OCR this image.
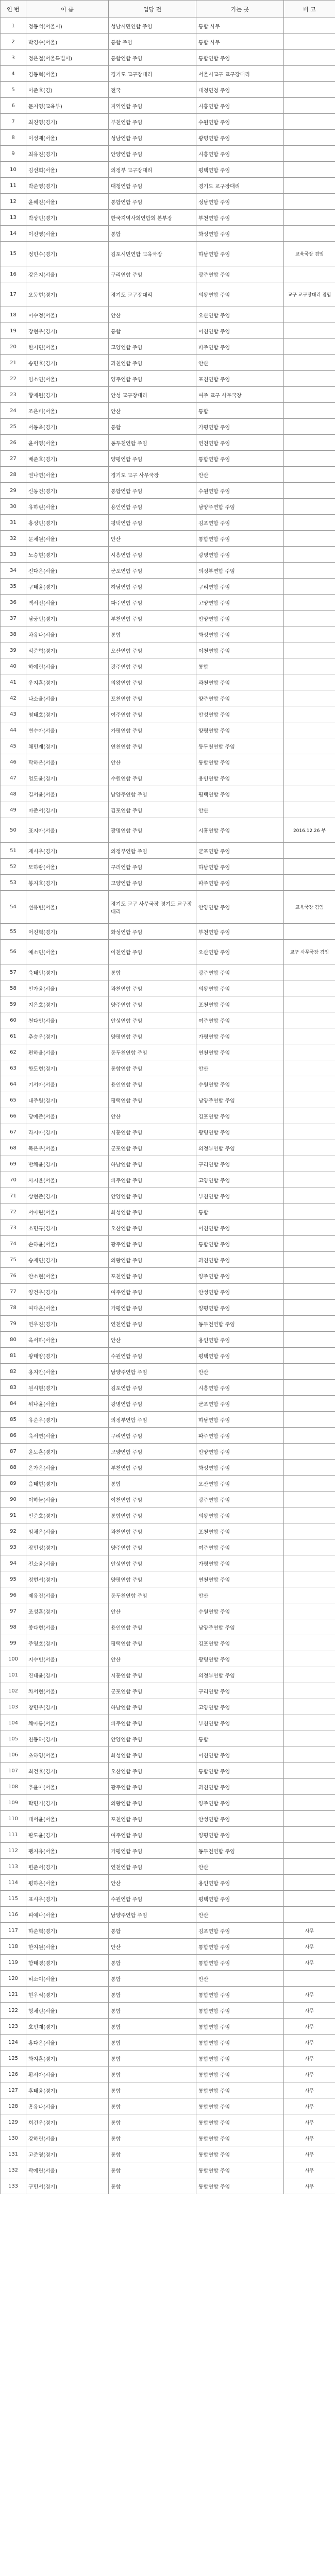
연 번	이 름	입당 전	가는 곳	비 고
1	정동석(서울시)	성남시민연합 주임	통합 사무	
2	박경수(서울)	통합 주임	통합 사무	
3	정은철(서울특별시)	통합연합 주임	통합연합 주임	
4	김동혁(서울)	경기도 교구장대리	서울시교구 교구장대리	
5	이준호(경)	전국	대청면청 주임	
6	문지영(교육부)	지역연합 주임	시흥연합 주임	
7	최진영(경기)	부천연합 주임	수원연합 주임	
8	이성재(서울)	성남연합 주임	광명연합 주임	
9	최유진(경기)	안양연합 주임	시흥연합 주임	
10	김선희(서울)	의정부 교구장대리	평택연합 주임	
11	박준영(경기)	대청연합 주임	경기도 교구장대리	
12	윤혜진(서울)	통합연합 주임	성남연합 주임	
13	박상민(경기)	한국지역사회연합회 본부장	부천연합 주임	
14	이진영(서울)	통합	화성연합 주임	
15	정민수(경기)	김포시민연합 교육국장	하남연합 주임	교육국장 겸임
16	강은지(서울)	구리연합 주임	광주연합 주임	
17	오동현(경기)	경기도 교구장대리	의왕연합 주임	교구 교구장대리 겸임
18	이수정(서울)	안산	오산연합 주임	
19	장현우(경기)	통합	이천연합 주임	
20	한지민(서울)	고양연합 주임	파주연합 주임	
21	송민호(경기)	과천연합 주임	안산	
22	임소연(서울)	양주연합 주임	포천연합 주임	
23	황재원(경기)	안성 교구장대리	여주 교구 사무국장	
24	조은비(서울)	안산	통합	
25	서동욱(경기)	통합	가평연합 주임	
26	윤서영(서울)	동두천연합 주임	연천연합 주임	
27	배준호(경기)	양평연합 주임	통합연합 주임	
28	권나연(서울)	경기도 교구 사무국장	안산	
29	신동건(경기)	통합연합 주임	수원연합 주임	
30	유하린(서울)	용인연합 주임	남양주연합 주임	
31	홍성민(경기)	평택연합 주임	김포연합 주임	
32	문채원(서울)	안산	통합연합 주임	
33	노승현(경기)	시흥연합 주임	광명연합 주임	
34	전다은(서울)	군포연합 주임	의정부연합 주임	
35	구태윤(경기)	하남연합 주임	구리연합 주임	
36	백서진(서울)	파주연합 주임	고양연합 주임	
37	남궁민(경기)	부천연합 주임	안양연합 주임	
38	차유나(서울)	통합	화성연합 주임	
39	석준혁(경기)	오산연합 주임	이천연합 주임	
40	하예린(서울)	광주연합 주임	통합	
41	우지훈(경기)	의왕연합 주임	과천연합 주임	
42	나소율(서울)	포천연합 주임	양주연합 주임	
43	염태호(경기)	여주연합 주임	안성연합 주임	
44	변수아(서울)	가평연합 주임	양평연합 주임	
45	채민재(경기)	연천연합 주임	동두천연합 주임	
46	탁하은(서울)	안산	통합연합 주임	
47	엄도윤(경기)	수원연합 주임	용인연합 주임	
48	길서윤(서울)	남양주연합 주임	평택연합 주임	
49	마준서(경기)	김포연합 주임	안산	
50	표지아(서울)	광명연합 주임	시흥연합 주임	2016.12.26 부
51	제시우(경기)	의정부연합 주임	군포연합 주임	
52	모하람(서울)	구리연합 주임	하남연합 주임	
53	봉지호(경기)	고양연합 주임	파주연합 주임	
54	선유빈(서울)	경기도 교구 사무국장 경기도 교구장대리	안양연합 주임	교육국장 겸임
55	어진혁(경기)	화성연합 주임	부천연합 주임	
56	예소민(서울)	이천연합 주임	오산연합 주임	교구 사무국장 겸임
57	육태민(경기)	통합	광주연합 주임	
58	인가윤(서울)	과천연합 주임	의왕연합 주임	
59	지은호(경기)	양주연합 주임	포천연합 주임	
60	천다인(서울)	안성연합 주임	여주연합 주임	
61	추승우(경기)	양평연합 주임	가평연합 주임	
62	편하율(서울)	동두천연합 주임	연천연합 주임	
63	함도현(경기)	통합연합 주임	안산	
64	기서아(서울)	용인연합 주임	수원연합 주임	
65	내주원(경기)	평택연합 주임	남양주연합 주임	
66	당예준(서울)	안산	김포연합 주임	
67	라시아(경기)	시흥연합 주임	광명연합 주임	
68	목은우(서울)	군포연합 주임	의정부연합 주임	
69	반채윤(경기)	하남연합 주임	구리연합 주임	
70	사지율(서울)	파주연합 주임	고양연합 주임	
71	상현준(경기)	안양연합 주임	부천연합 주임	
72	서아린(서울)	화성연합 주임	통합	
73	소민규(경기)	오산연합 주임	이천연합 주임	
74	손하윤(서울)	광주연합 주임	통합연합 주임	
75	승재민(경기)	의왕연합 주임	과천연합 주임	
76	안소현(서울)	포천연합 주임	양주연합 주임	
77	양건우(경기)	여주연합 주임	안성연합 주임	
78	여다온(서울)	가평연합 주임	양평연합 주임	
79	연우진(경기)	연천연합 주임	동두천연합 주임	
80	옥서하(서울)	안산	용인연합 주임	
81	왕태양(경기)	수원연합 주임	평택연합 주임	
82	용지안(서울)	남양주연합 주임	안산	
83	원시현(경기)	김포연합 주임	시흥연합 주임	
84	위나윤(서울)	광명연합 주임	군포연합 주임	
85	유준우(경기)	의정부연합 주임	하남연합 주임	
86	육서연(서울)	구리연합 주임	파주연합 주임	
87	윤도훈(경기)	고양연합 주임	안양연합 주임	
88	은가은(서울)	부천연합 주임	화성연합 주임	
89	음태현(경기)	통합	오산연합 주임	
90	이하늘(서울)	이천연합 주임	광주연합 주임	
91	인준호(경기)	통합연합 주임	의왕연합 주임	
92	임채은(서울)	과천연합 주임	포천연합 주임	
93	장민성(경기)	양주연합 주임	여주연합 주임	
94	전소윤(서울)	안성연합 주임	가평연합 주임	
95	정현서(경기)	양평연합 주임	연천연합 주임	
96	제유진(서울)	동두천연합 주임	안산	
97	조성훈(경기)	안산	수원연합 주임	
98	종다현(서울)	용인연합 주임	남양주연합 주임	
99	주영호(경기)	평택연합 주임	김포연합 주임	
100	지수빈(서울)	안산	광명연합 주임	
101	진태윤(경기)	시흥연합 주임	의정부연합 주임	
102	차서현(서울)	군포연합 주임	구리연합 주임	
103	창민우(경기)	하남연합 주임	고양연합 주임	
104	채아름(서울)	파주연합 주임	부천연합 주임	
105	천동하(경기)	안양연합 주임	통합	
106	초하영(서울)	화성연합 주임	이천연합 주임	
107	최건호(경기)	오산연합 주임	통합연합 주임	
108	추윤아(서울)	광주연합 주임	과천연합 주임	
109	탁민기(경기)	의왕연합 주임	양주연합 주임	
110	태서윤(서울)	포천연합 주임	안성연합 주임	
111	판도윤(경기)	여주연합 주임	양평연합 주임	
112	팽지유(서울)	가평연합 주임	동두천연합 주임	
113	편준서(경기)	연천연합 주임	안산	
114	평하은(서울)	안산	용인연합 주임	
115	표시우(경기)	수원연합 주임	평택연합 주임	
116	피예나(서울)	남양주연합 주임	안산	
117	하준혁(경기)	통합	김포연합 주임	사무
118	한지원(서울)	안산	통합연합 주임	사무
119	함태경(경기)	통합	통합연합 주임	사무
120	허소이(서울)	통합	안산	
121	현우석(경기)	통합	통합연합 주임	사무
122	형채린(서울)	통합	통합연합 주임	사무
123	호민재(경기)	통합	통합연합 주임	사무
124	홍다은(서울)	통합	통합연합 주임	사무
125	화지훈(경기)	통합	통합연합 주임	사무
126	황서아(서울)	통합	통합연합 주임	사무
127	후태윤(경기)	통합	통합연합 주임	사무
128	흥유나(서울)	통합	통합연합 주임	사무
129	희건우(경기)	통합	통합연합 주임	사무
130	강하린(서울)	통합	통합연합 주임	사무
131	고준영(경기)	통합	통합연합 주임	사무
132	곽예린(서울)	통합	통합연합 주임	사무
133	구민서(경기)	통합	통합연합 주임	사무
